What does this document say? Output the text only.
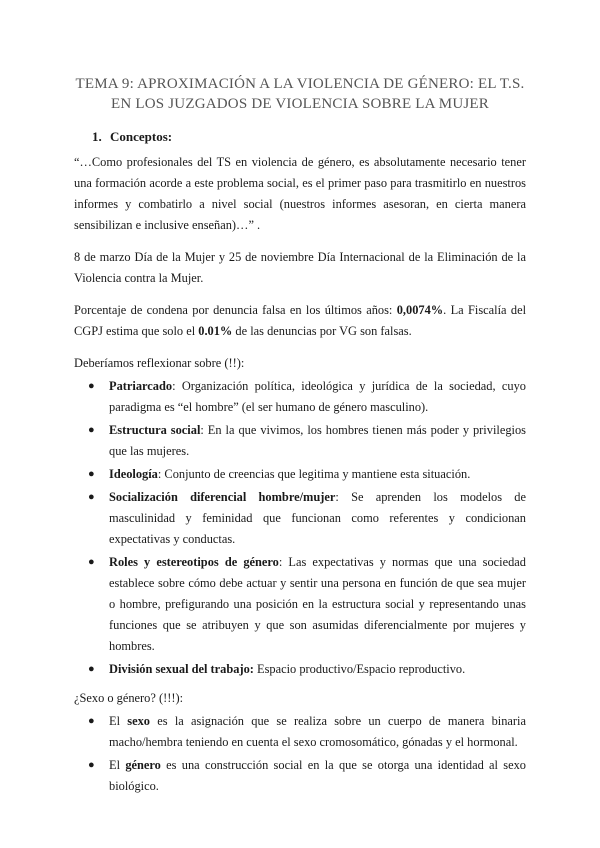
TEMA 9: APROXIMACIÓN A LA VIOLENCIA DE GÉNERO: EL T.S.
EN LOS JUZGADOS DE VIOLENCIA SOBRE LA MUJER
1. Conceptos:

“…Como profesionales del TS en violencia de género, es absolutamente necesario tener una formación acorde a este problema social, es el primer paso para trasmitirlo en nuestros informes y combatirlo a nivel social (nuestros informes asesoran, en cierta manera sensibilizan e inclusive enseñan)…” .

8 de marzo Día de la Mujer y 25 de noviembre Día Internacional de la Eliminación de la Violencia contra la Mujer.

Porcentaje de condena por denuncia falsa en los últimos años: 0,0074%. La Fiscalía del CGPJ estima que solo el 0.01% de las denuncias por VG son falsas.

Deberíamos reflexionar sobre (!!):

● Patriarcado: Organización política, ideológica y jurídica de la sociedad, cuyo paradigma es “el hombre” (el ser humano de género masculino).
● Estructura social: En la que vivimos, los hombres tienen más poder y privilegios que las mujeres.
● Ideología: Conjunto de creencias que legitima y mantiene esta situación.
● Socialización diferencial hombre/mujer: Se aprenden los modelos de masculinidad y feminidad que funcionan como referentes y condicionan expectativas y conductas.
● Roles y estereotipos de género: Las expectativas y normas que una sociedad establece sobre cómo debe actuar y sentir una persona en función de que sea mujer o hombre, prefigurando una posición en la estructura social y representando unas funciones que se atribuyen y que son asumidas diferencialmente por mujeres y hombres.
● División sexual del trabajo: Espacio productivo/Espacio reproductivo.

¿Sexo o género? (!!!):

● El sexo es la asignación que se realiza sobre un cuerpo de manera binaria macho/hembra teniendo en cuenta el sexo cromosomático, gónadas y el hormonal.
● El género es una construcción social en la que se otorga una identidad al sexo biológico.
